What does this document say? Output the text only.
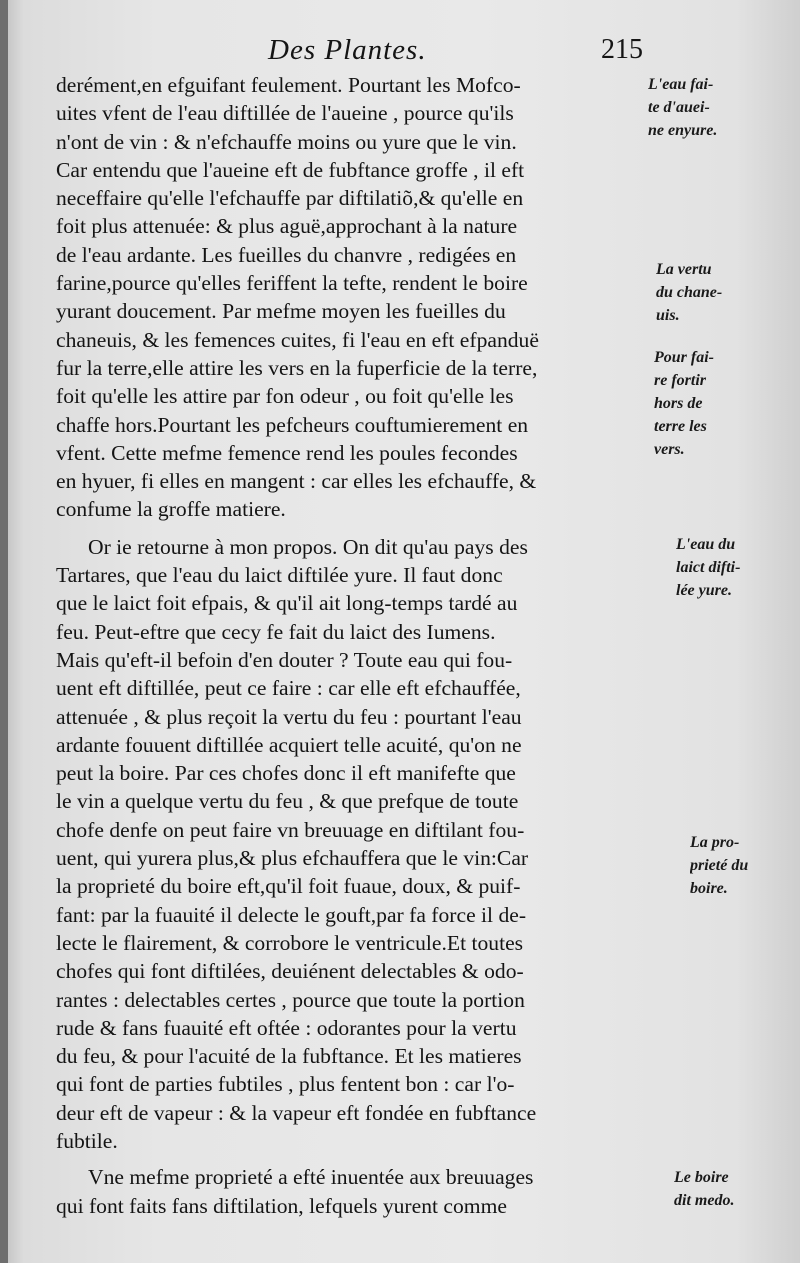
Des Plantes.	215
derément,en efguifant feulement. Pourtant les Mofco-
uites vfent de l'eau diftillée de l'aueine , pource qu'ils
n'ont de vin : & n'efchauffe moins ou yure que le vin.
Car entendu que l'aueine eft de fubftance groffe , il eft
neceffaire qu'elle l'efchauffe par diftilatiõ,& qu'elle en
foit plus attenuée: & plus aguë,approchant à la nature
de l'eau ardante. Les fueilles du chanvre , redigées en
farine,pource qu'elles feriffent la tefte, rendent le boire
yurant doucement. Par mefme moyen les fueilles du
chaneuis, & les femences cuites, fi l'eau en eft efpanduë
fur la terre,elle attire les vers en la fuperficie de la terre,
foit qu'elle les attire par fon odeur , ou foit qu'elle les
chaffe hors.Pourtant les pefcheurs couftumierement en
vfent. Cette mefme femence rend les poules fecondes
en hyuer, fi elles en mangent : car elles les efchauffe, &
confume la groffe matiere.
Or ie retourne à mon propos. On dit qu'au pays des
Tartares, que l'eau du laict diftilée yure. Il faut donc
que le laict foit efpais, & qu'il ait long-temps tardé au
feu. Peut-eftre que cecy fe fait du laict des Iumens.
Mais qu'eft-il befoin d'en douter ? Toute eau qui fou-
uent eft diftillée, peut ce faire : car elle eft efchauffée,
attenuée , & plus reçoit la vertu du feu : pourtant l'eau
ardante fouuent diftillée acquiert telle acuité, qu'on ne
peut la boire. Par ces chofes donc il eft manifefte que
le vin a quelque vertu du feu , & que prefque de toute
chofe denfe on peut faire vn breuuage en diftilant fou-
uent, qui yurera plus,& plus efchauffera que le vin:Car
la proprieté du boire eft,qu'il foit fuaue, doux, & puif-
fant: par la fuauité il delecte le gouft,par fa force il de-
lecte le flairement, & corrobore le ventricule.Et toutes
chofes qui font diftilées, deuiénent delectables & odo-
rantes : delectables certes , pource que toute la portion
rude & fans fuauité eft oftée : odorantes pour la vertu
du feu, & pour l'acuité de la fubftance. Et les matieres
qui font de parties fubtiles , plus fentent bon : car l'o-
deur eft de vapeur : & la vapeur eft fondée en fubftance
fubtile.
Vne mefme proprieté a efté inuentée aux breuuages
qui font faits fans diftilation, lefquels yurent comme
L'eau fai-
te d'auei-
ne enyure.
La vertu
du chane-
uis.
Pour fai-
re fortir
hors de
terre les
vers.
L'eau du
laict difti-
lée yure.
La pro-
prieté du
boire.
Le boire
dit medo.
